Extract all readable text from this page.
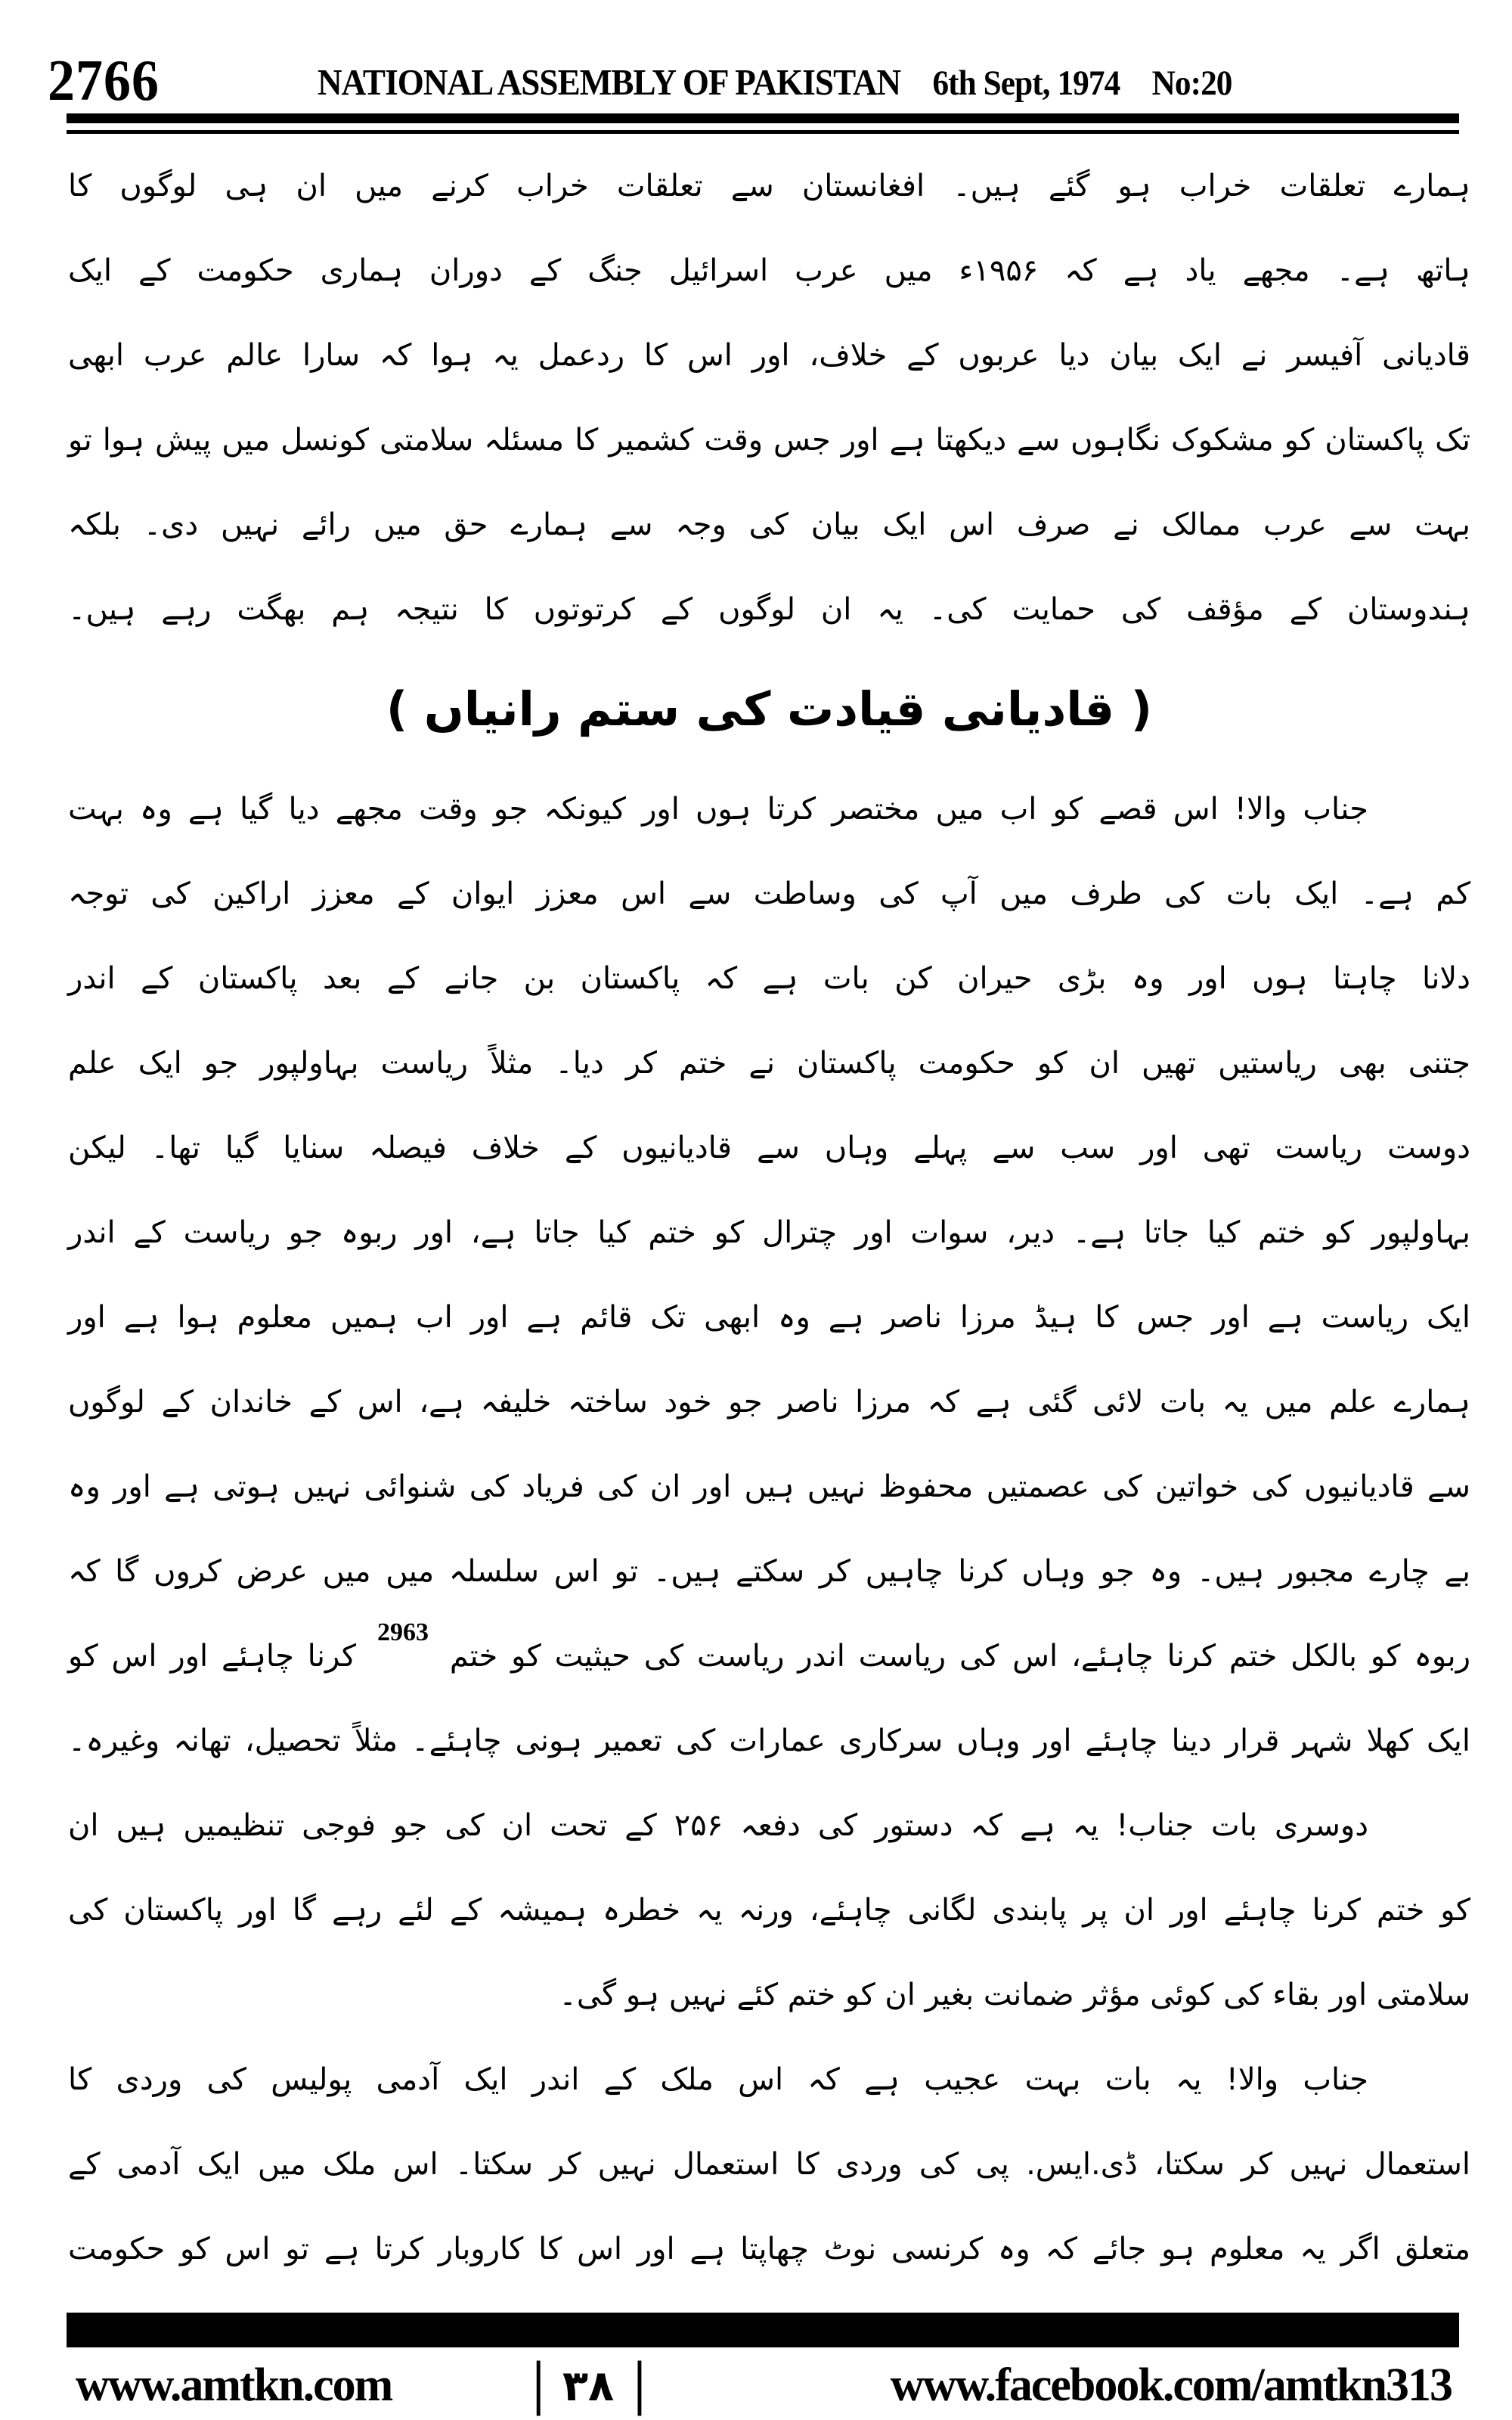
2766	NATIONAL ASSEMBLY OF PAKISTAN 6th Sept, 1974 No:20
ہمارے تعلقات خراب ہو گئے ہیں۔ افغانستان سے تعلقات خراب کرنے میں ان ہی لوگوں کا
ہاتھ ہے۔ مجھے یاد ہے کہ ۱۹۵۶ء میں عرب اسرائیل جنگ کے دوران ہماری حکومت کے ایک
قادیانی آفیسر نے ایک بیان دیا عربوں کے خلاف، اور اس کا ردعمل یہ ہوا کہ سارا عالم عرب ابھی
تک پاکستان کو مشکوک نگاہوں سے دیکھتا ہے اور جس وقت کشمیر کا مسئلہ سلامتی کونسل میں پیش ہوا تو
بہت سے عرب ممالک نے صرف اس ایک بیان کی وجہ سے ہمارے حق میں رائے نہیں دی۔ بلکہ
ہندوستان کے مؤقف کی حمایت کی۔ یہ ان لوگوں کے کرتوتوں کا نتیجہ ہم بھگت رہے ہیں۔
( قادیانی قیادت کی ستم رانیاں )
جناب والا! اس قصے کو اب میں مختصر کرتا ہوں اور کیونکہ جو وقت مجھے دیا گیا ہے وہ بہت
کم ہے۔ ایک بات کی طرف میں آپ کی وساطت سے اس معزز ایوان کے معزز اراکین کی توجہ
دلانا چاہتا ہوں اور وہ بڑی حیران کن بات ہے کہ پاکستان بن جانے کے بعد پاکستان کے اندر
جتنی بھی ریاستیں تھیں ان کو حکومت پاکستان نے ختم کر دیا۔ مثلاً ریاست بہاولپور جو ایک علم
دوست ریاست تھی اور سب سے پہلے وہاں سے قادیانیوں کے خلاف فیصلہ سنایا گیا تھا۔ لیکن
بہاولپور کو ختم کیا جاتا ہے۔ دیر، سوات اور چترال کو ختم کیا جاتا ہے، اور ربوہ جو ریاست کے اندر
ایک ریاست ہے اور جس کا ہیڈ مرزا ناصر ہے وہ ابھی تک قائم ہے اور اب ہمیں معلوم ہوا ہے اور
ہمارے علم میں یہ بات لائی گئی ہے کہ مرزا ناصر جو خود ساختہ خلیفہ ہے، اس کے خاندان کے لوگوں
سے قادیانیوں کی خواتین کی عصمتیں محفوظ نہیں ہیں اور ان کی فریاد کی شنوائی نہیں ہوتی ہے اور وہ
بے چارے مجبور ہیں۔ وہ جو وہاں کرنا چاہیں کر سکتے ہیں۔ تو اس سلسلہ میں میں عرض کروں گا کہ
ربوہ کو بالکل ختم کرنا چاہئے، اس کی ریاست اندر ریاست کی حیثیت کو ختم 2963 کرنا چاہئے اور اس کو
ایک کھلا شہر قرار دینا چاہئے اور وہاں سرکاری عمارات کی تعمیر ہونی چاہئے۔ مثلاً تحصیل، تھانہ وغیرہ۔
دوسری بات جناب! یہ ہے کہ دستور کی دفعہ ۲۵۶ کے تحت ان کی جو فوجی تنظیمیں ہیں ان
کو ختم کرنا چاہئے اور ان پر پابندی لگانی چاہئے، ورنہ یہ خطرہ ہمیشہ کے لئے رہے گا اور پاکستان کی
سلامتی اور بقاء کی کوئی مؤثر ضمانت بغیر ان کو ختم کئے نہیں ہو گی۔
جناب والا! یہ بات بہت عجیب ہے کہ اس ملک کے اندر ایک آدمی پولیس کی وردی کا
استعمال نہیں کر سکتا، ڈی.ایس. پی کی وردی کا استعمال نہیں کر سکتا۔ اس ملک میں ایک آدمی کے
متعلق اگر یہ معلوم ہو جائے کہ وہ کرنسی نوٹ چھاپتا ہے اور اس کا کاروبار کرتا ہے تو اس کو حکومت
www.amtkn.com	| ۳۸ |	www.facebook.com/amtkn313
